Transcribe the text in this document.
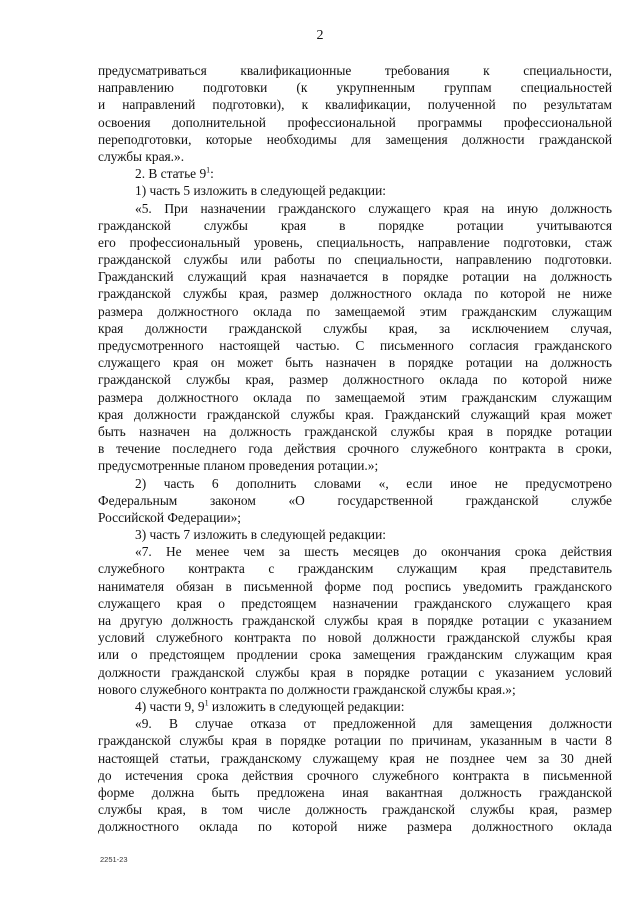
2
предусматриваться квалификационные требования к специальности,
направлению подготовки (к укрупненным группам специальностей
и направлений подготовки), к квалификации, полученной по результатам
освоения дополнительной профессиональной программы профессиональной
переподготовки, которые необходимы для замещения должности гражданской
службы края.».
2. В статье $9^1$:
1) часть 5 изложить в следующей редакции:
«5. При назначении гражданского служащего края на иную должность
гражданской службы края в порядке ротации учитываются
его профессиональный уровень, специальность, направление подготовки, стаж
гражданской службы или работы по специальности, направлению подготовки.
Гражданский служащий края назначается в порядке ротации на должность
гражданской службы края, размер должностного оклада по которой не ниже
размера должностного оклада по замещаемой этим гражданским служащим
края должности гражданской службы края, за исключением случая,
предусмотренного настоящей частью. С письменного согласия гражданского
служащего края он может быть назначен в порядке ротации на должность
гражданской службы края, размер должностного оклада по которой ниже
размера должностного оклада по замещаемой этим гражданским служащим
края должности гражданской службы края. Гражданский служащий края может
быть назначен на должность гражданской службы края в порядке ротации
в течение последнего года действия срочного служебного контракта в сроки,
предусмотренные планом проведения ротации.»;
2) часть 6 дополнить словами «, если иное не предусмотрено
Федеральным законом «О государственной гражданской службе
Российской Федерации»;
3) часть 7 изложить в следующей редакции:
«7. Не менее чем за шесть месяцев до окончания срока действия
служебного контракта с гражданским служащим края представитель
нанимателя обязан в письменной форме под роспись уведомить гражданского
служащего края о предстоящем назначении гражданского служащего края
на другую должность гражданской службы края в порядке ротации с указанием
условий служебного контракта по новой должности гражданской службы края
или о предстоящем продлении срока замещения гражданским служащим края
должности гражданской службы края в порядке ротации с указанием условий
нового служебного контракта по должности гражданской службы края.»;
4) части 9, $9^1$ изложить в следующей редакции:
«9. В случае отказа от предложенной для замещения должности
гражданской службы края в порядке ротации по причинам, указанным в части 8
настоящей статьи, гражданскому служащему края не позднее чем за 30 дней
до истечения срока действия срочного служебного контракта в письменной
форме должна быть предложена иная вакантная должность гражданской
службы края, в том числе должность гражданской службы края, размер
должностного оклада по которой ниже размера должностного оклада
2251-23
